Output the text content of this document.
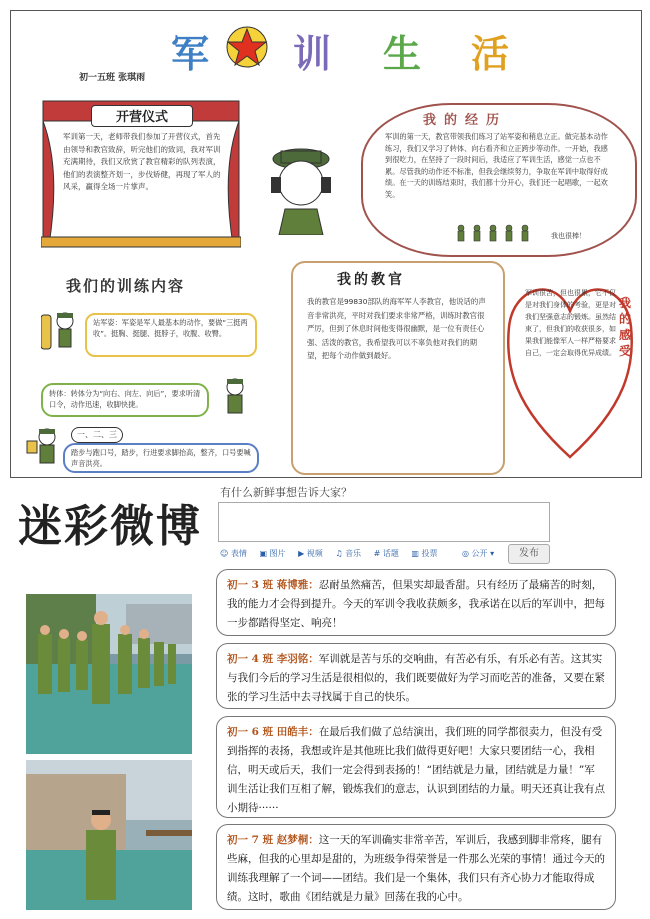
军 训 生 活
初一五班 张琪雨
开营仪式
军训第一天，老师带我们参加了开营仪式，首先由领导和教官致辞，听完他们的致词，我对军训充满期待，我们又欣赏了教官精彩的队列表演，他们的表演整齐划一，步伐矫健，再现了军人的风采，赢得全场一片掌声。
我的经历
军训的第一天，教官带领我们练习了站军姿和稍息立正。做完基本动作练习，我们又学习了转体、向右看齐和立正跨步等动作。一开始，我感到很吃力，在坚持了一段时间后，我适应了军训生活，感觉一点也不累。尽管我的动作还不标准，但我会继续努力，争取在军训中取得好成绩。在一天的训练结束时，我们都十分开心，我们还一起唱歌，一起欢笑。
我也很棒！
我们的训练内容
站军姿：军姿是军人最基本的动作，要做“三挺两收”。挺胸、挺腿、挺脖子，收腹、收臀。
转体：转体分为“向右、向左、向后”，要求听清口令，动作迅速，收脚快捷。
一、二、三
踏步与跑口号，踏步，行进要求脚抬高，整齐，口号要喊声音洪亮。
我的教官
我的教官是99830部队的海军军人李教官，他说话的声音非常洪亮，平时对我们要求非常严格，训练时教官很严厉，但到了休息时间他变得很幽默，是一位有责任心强、活泼的教官，我希望我可以不辜负他对我们的期望，把每个动作做到最好。
军训很苦，但也很累，它不仅是对我们身体的考验，更是对我们坚强意志的锻炼。虽然结束了，但我们的收获很多，如果我们能像军人一样严格要求自己，一定会取得优异成绩。
我的感受
迷彩微博
有什么新鲜事想告诉大家？
☺ 表情 ▣ 图片 ▶ 视频 ♫ 音乐 # 话题 ▥ 投票	◎ 公开 ▾	发布
初一 3 班 蒋博雅：忍耐虽然痛苦，但果实却最香甜。只有经历了最痛苦的时刻，我的能力才会得到提升。今天的军训令我收获颇多，我承诺在以后的军训中，把每一步都踏得坚定、响亮！
初一 4 班 李羽铭：军训就是苦与乐的交响曲，有苦必有乐，有乐必有苦。这其实与我们今后的学习生活是很相似的，我们既要做好为学习而吃苦的准备，又要在紧张的学习生活中去寻找属于自己的快乐。
初一 6 班 田皓丰：在最后我们做了总结演出，我们班的同学都很卖力，但没有受到指挥的表扬，我想或许是其他班比我们做得更好吧！大家只要团结一心，我相信，明天或后天，我们一定会得到表扬的！“团结就是力量，团结就是力量！”军训生活让我们互相了解，锻炼我们的意志，认识到团结的力量。明天还真让我有点小期待······
初一 7 班 赵梦桐：这一天的军训确实非常辛苦，军训后，我感到脚非常疼，腿有些麻，但我的心里却是甜的，为班级争得荣誉是一件那么光荣的事情！通过今天的训练我理解了一个词——团结。我们是一个集体，我们只有齐心协力才能取得成绩。这时，歌曲《团结就是力量》回荡在我的心中。
